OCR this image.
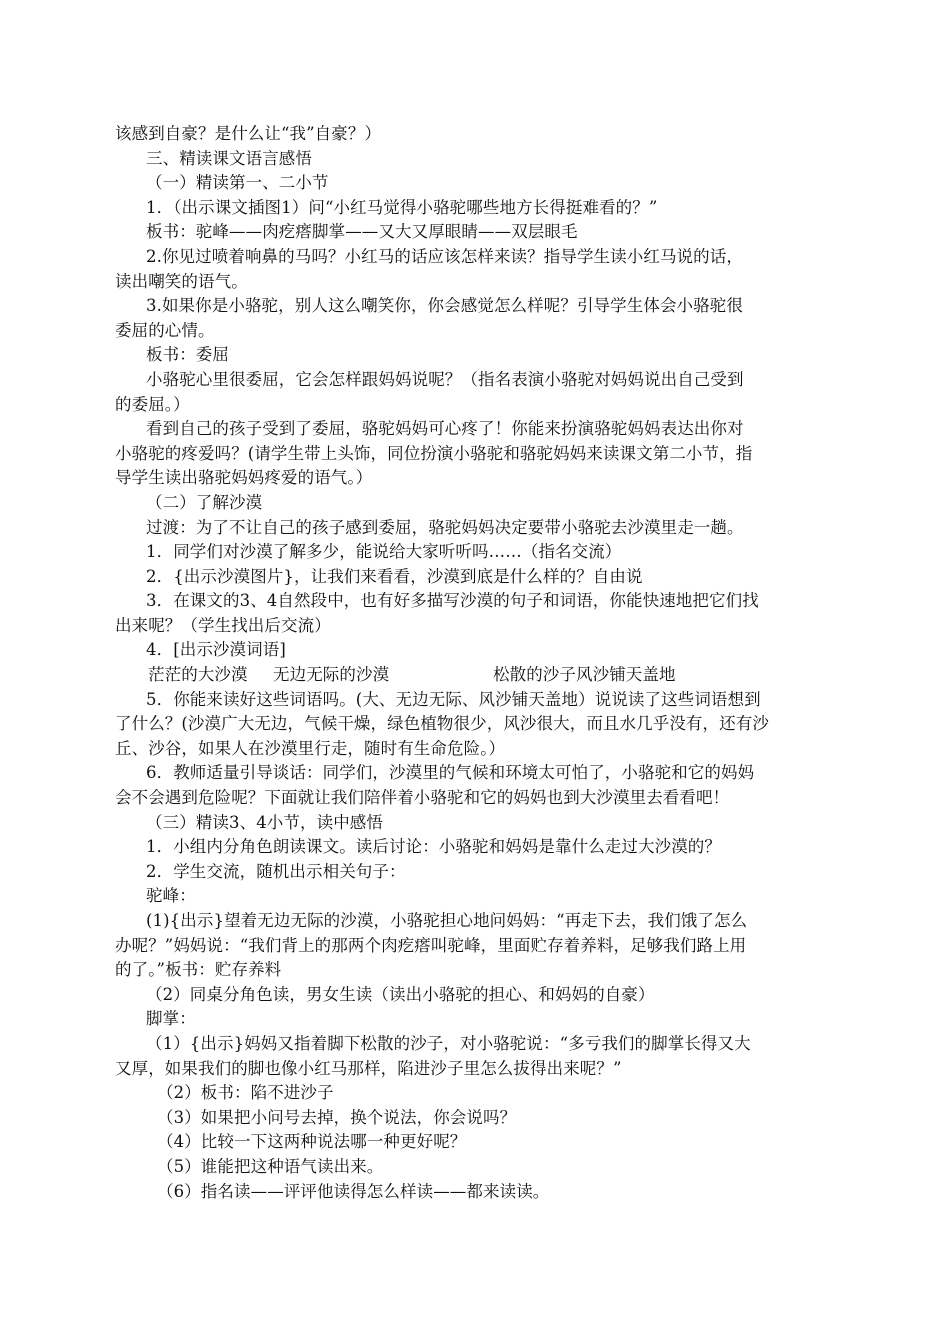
该感到自豪？是什么让“我”自豪？）
三、精读课文语言感悟
（一）精读第一、二小节
1．（出示课文插图1）问“小红马觉得小骆驼哪些地方长得挺难看的？”
板书：驼峰——肉疙瘩脚掌——又大又厚眼睛——双层眼毛
2.你见过喷着响鼻的马吗？小红马的话应该怎样来读？指导学生读小红马说的话，
读出嘲笑的语气。
3.如果你是小骆驼，别人这么嘲笑你，你会感觉怎么样呢？引导学生体会小骆驼很
委屈的心情。
板书：委屈
小骆驼心里很委屈，它会怎样跟妈妈说呢？（指名表演小骆驼对妈妈说出自己受到
的委屈。）
看到自己的孩子受到了委屈，骆驼妈妈可心疼了！你能来扮演骆驼妈妈表达出你对
小骆驼的疼爱吗？(请学生带上头饰，同位扮演小骆驼和骆驼妈妈来读课文第二小节，指
导学生读出骆驼妈妈疼爱的语气。）
（二）了解沙漠
过渡：为了不让自己的孩子感到委屈，骆驼妈妈决定要带小骆驼去沙漠里走一趟。
1．同学们对沙漠了解多少，能说给大家听听吗……（指名交流）
2．{出示沙漠图片}，让我们来看看，沙漠到底是什么样的？自由说
3．在课文的3、4自然段中，也有好多描写沙漠的句子和词语，你能快速地把它们找
出来呢？（学生找出后交流）
4．[出示沙漠词语]
茫茫的大沙漠	无边无际的沙漠	松散的沙子风沙铺天盖地
5．你能来读好这些词语吗。(大、无边无际、风沙铺天盖地）说说读了这些词语想到
了什么？(沙漠广大无边，气候干燥，绿色植物很少，风沙很大，而且水几乎没有，还有沙
丘、沙谷，如果人在沙漠里行走，随时有生命危险。）
6．教师适量引导谈话：同学们，沙漠里的气候和环境太可怕了，小骆驼和它的妈妈
会不会遇到危险呢？下面就让我们陪伴着小骆驼和它的妈妈也到大沙漠里去看看吧！
（三）精读3、4小节，读中感悟
1．小组内分角色朗读课文。读后讨论：小骆驼和妈妈是靠什么走过大沙漠的？
2．学生交流，随机出示相关句子：
驼峰：
(1){出示}望着无边无际的沙漠，小骆驼担心地问妈妈：“再走下去，我们饿了怎么
办呢？”妈妈说：“我们背上的那两个肉疙瘩叫驼峰，里面贮存着养料，足够我们路上用
的了。”板书：贮存养料
（2）同桌分角色读，男女生读（读出小骆驼的担心、和妈妈的自豪）
脚掌：
（1）{出示}妈妈又指着脚下松散的沙子，对小骆驼说：“多亏我们的脚掌长得又大
又厚，如果我们的脚也像小红马那样，陷进沙子里怎么拔得出来呢？”
（2）板书：陷不进沙子
（3）如果把小问号去掉，换个说法，你会说吗？
（4）比较一下这两种说法哪一种更好呢？
（5）谁能把这种语气读出来。
（6）指名读——评评他读得怎么样读——都来读读。
